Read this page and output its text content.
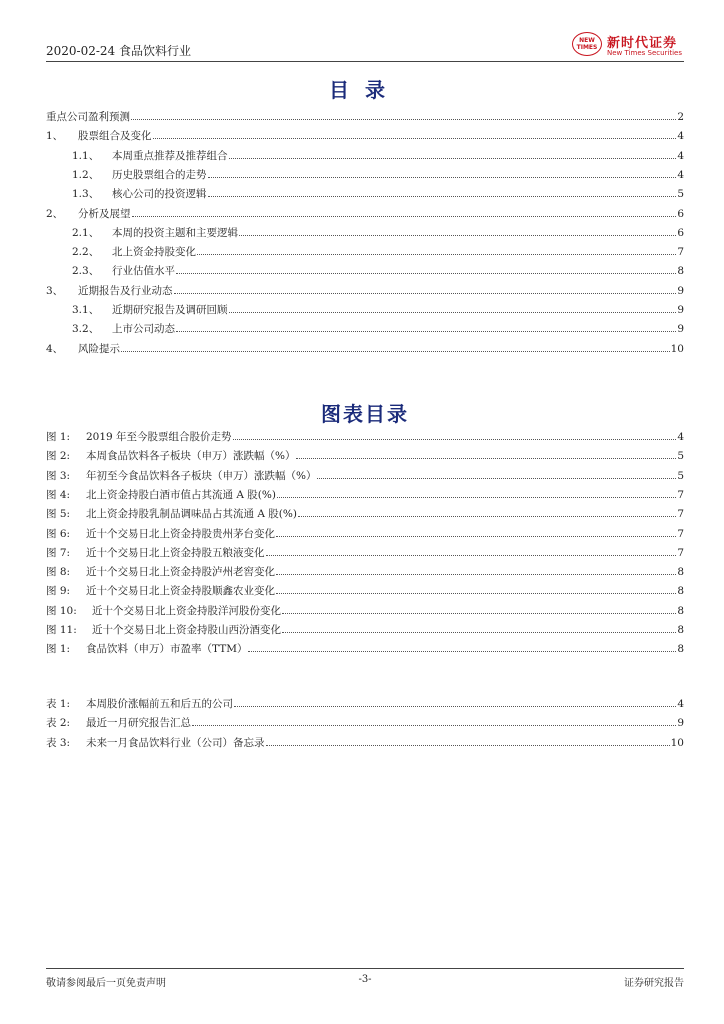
2020-02-24 食品饮料行业
NEW TIMES 新时代证券
New Times Securities
目录
重点公司盈利预测	2
1、	股票组合及变化	4
1.1、	本周重点推荐及推荐组合	4
1.2、	历史股票组合的走势	4
1.3、	核心公司的投资逻辑	5
2、	分析及展望	6
2.1、	本周的投资主题和主要逻辑	6
2.2、	北上资金持股变化	7
2.3、	行业估值水平	8
3、	近期报告及行业动态	9
3.1、	近期研究报告及调研回顾	9
3.2、	上市公司动态	9
4、	风险提示	10
图表目录
图 1:	2019 年至今股票组合股价走势	4
图 2:	本周食品饮料各子板块（申万）涨跌幅（%）	5
图 3:	年初至今食品饮料各子板块（申万）涨跌幅（%）	5
图 4:	北上资金持股白酒市值占其流通 A 股(%)	7
图 5:	北上资金持股乳制品调味品占其流通 A 股(%)	7
图 6:	近十个交易日北上资金持股贵州茅台变化	7
图 7:	近十个交易日北上资金持股五粮液变化	7
图 8:	近十个交易日北上资金持股泸州老窖变化	8
图 9:	近十个交易日北上资金持股顺鑫农业变化	8
图 10:	近十个交易日北上资金持股洋河股份变化	8
图 11:	近十个交易日北上资金持股山西汾酒变化	8
图 1:	食品饮料（申万）市盈率（TTM）	8
表 1:	本周股价涨幅前五和后五的公司	4
表 2:	最近一月研究报告汇总	9
表 3:	未来一月食品饮料行业（公司）备忘录	10
敬请参阅最后一页免责声明	-3-	证券研究报告
